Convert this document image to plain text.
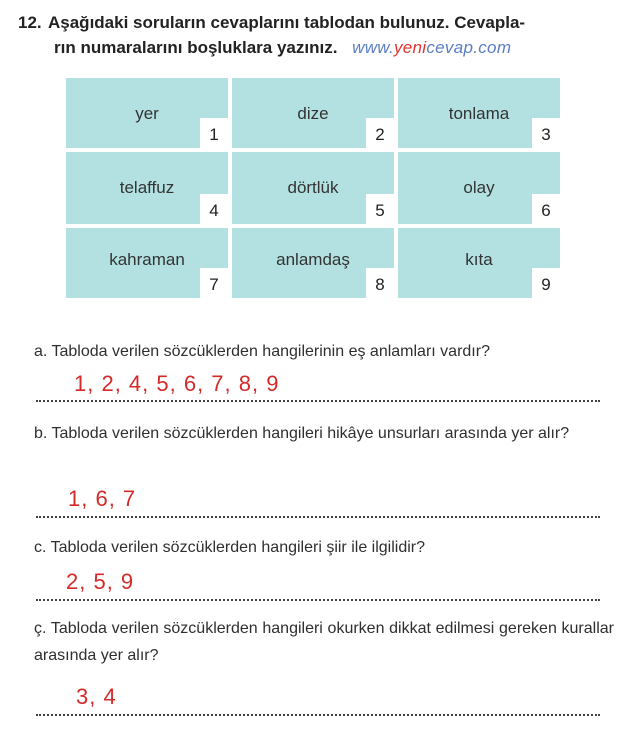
12. Aşağıdaki soruların cevaplarını tablodan bulunuz. Cevapla-
rın numaralarını boşluklara yazınız. www.yenicevap.com
yer
1
dize
2
tonlama
3
telaffuz
4
dörtlük
5
olay
6
kahraman
7
anlamdaş
8
kıta
9
a. Tabloda verilen sözcüklerden hangilerinin eş anlamları vardır?
1, 2, 4, 5, 6, 7, 8, 9
b. Tabloda verilen sözcüklerden hangileri hikâye unsurları arasında yer alır?
1, 6, 7
c. Tabloda verilen sözcüklerden hangileri şiir ile ilgilidir?
2, 5, 9
ç. Tabloda verilen sözcüklerden hangileri okurken dikkat edilmesi gereken kurallar arasında yer alır?
3, 4
